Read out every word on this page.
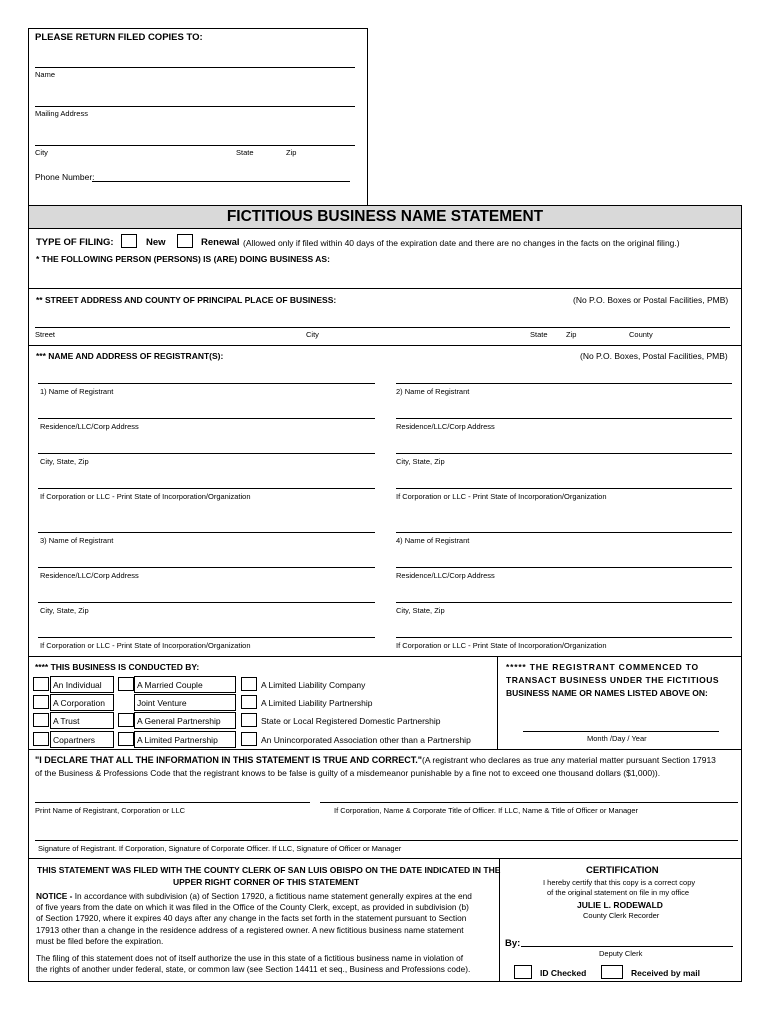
PLEASE RETURN FILED COPIES TO:
Name
Mailing Address
City	State	Zip
Phone Number:
FICTITIOUS BUSINESS NAME STATEMENT
TYPE OF FILING:	New	Renewal (Allowed only if filed within 40 days of the expiration date and there are no changes in the facts on the original filing.)
* THE FOLLOWING PERSON (PERSONS) IS (ARE) DOING BUSINESS AS:
** STREET ADDRESS AND COUNTY OF PRINCIPAL PLACE OF BUSINESS:	(No P.O. Boxes or Postal Facilities, PMB)
Street	City	State Zip	County
*** NAME AND ADDRESS OF REGISTRANT(S):	(No P.O. Boxes, Postal Facilities, PMB)
1) Name of Registrant
Residence/LLC/Corp Address
City, State, Zip
If Corporation or LLC - Print State of Incorporation/Organization
3) Name of Registrant
Residence/LLC/Corp Address
City, State, Zip
If Corporation or LLC - Print State of Incorporation/Organization
2) Name of Registrant
Residence/LLC/Corp Address
City, State, Zip
If Corporation or LLC - Print State of Incorporation/Organization
4) Name of Registrant
Residence/LLC/Corp Address
City, State, Zip
If Corporation or LLC - Print State of Incorporation/Organization
**** THIS BUSINESS IS CONDUCTED BY:
An Individual	A Married Couple	A Limited Liability Company
A Corporation	Joint Venture	A Limited Liability Partnership
A Trust	A General Partnership	State or Local Registered Domestic Partnership
Copartners	A Limited Partnership	An Unincorporated Association other than a Partnership
***** THE REGISTRANT COMMENCED TO
TRANSACT BUSINESS UNDER THE FICTITIOUS
BUSINESS NAME OR NAMES LISTED ABOVE ON:
Month /Day / Year
"I DECLARE THAT ALL THE INFORMATION IN THIS STATEMENT IS TRUE AND CORRECT."(A registrant who declares as true any material matter pursuant Section 17913
of the Business & Professions Code that the registrant knows to be false is guilty of a misdemeanor punishable by a fine not to exceed one thousand dollars ($1,000)).
Print Name of Registrant, Corporation or LLC	If Corporation, Name & Corporate Title of Officer. If LLC, Name & Title of Officer or Manager
Signature of Registrant. If Corporation, Signature of Corporate Officer. If LLC, Signature of Officer or Manager
THIS STATEMENT WAS FILED WITH THE COUNTY CLERK OF SAN LUIS OBISPO ON THE DATE INDICATED IN THE
UPPER RIGHT CORNER OF THIS STATEMENT
NOTICE - In accordance with subdivision (a) of Section 17920, a fictitious name statement generally expires at the end
of five years from the date on which it was filed in the Office of the County Clerk, except, as provided in subdivision (b)
of Section 17920, where it expires 40 days after any change in the facts set forth in the statement pursuant to Section
17913 other than a change in the residence address of a registered owner. A new fictitious business name statement
must be filed before the expiration.
The filing of this statement does not of itself authorize the use in this state of a fictitious business name in violation of
the rights of another under federal, state, or common law (see Section 14411 et seq., Business and Professions code).
CERTIFICATION
I hereby certify that this copy is a correct copy
of the original statement on file in my office
JULIE L. RODEWALD
County Clerk Recorder
By:
Deputy Clerk
ID Checked	Received by mail
